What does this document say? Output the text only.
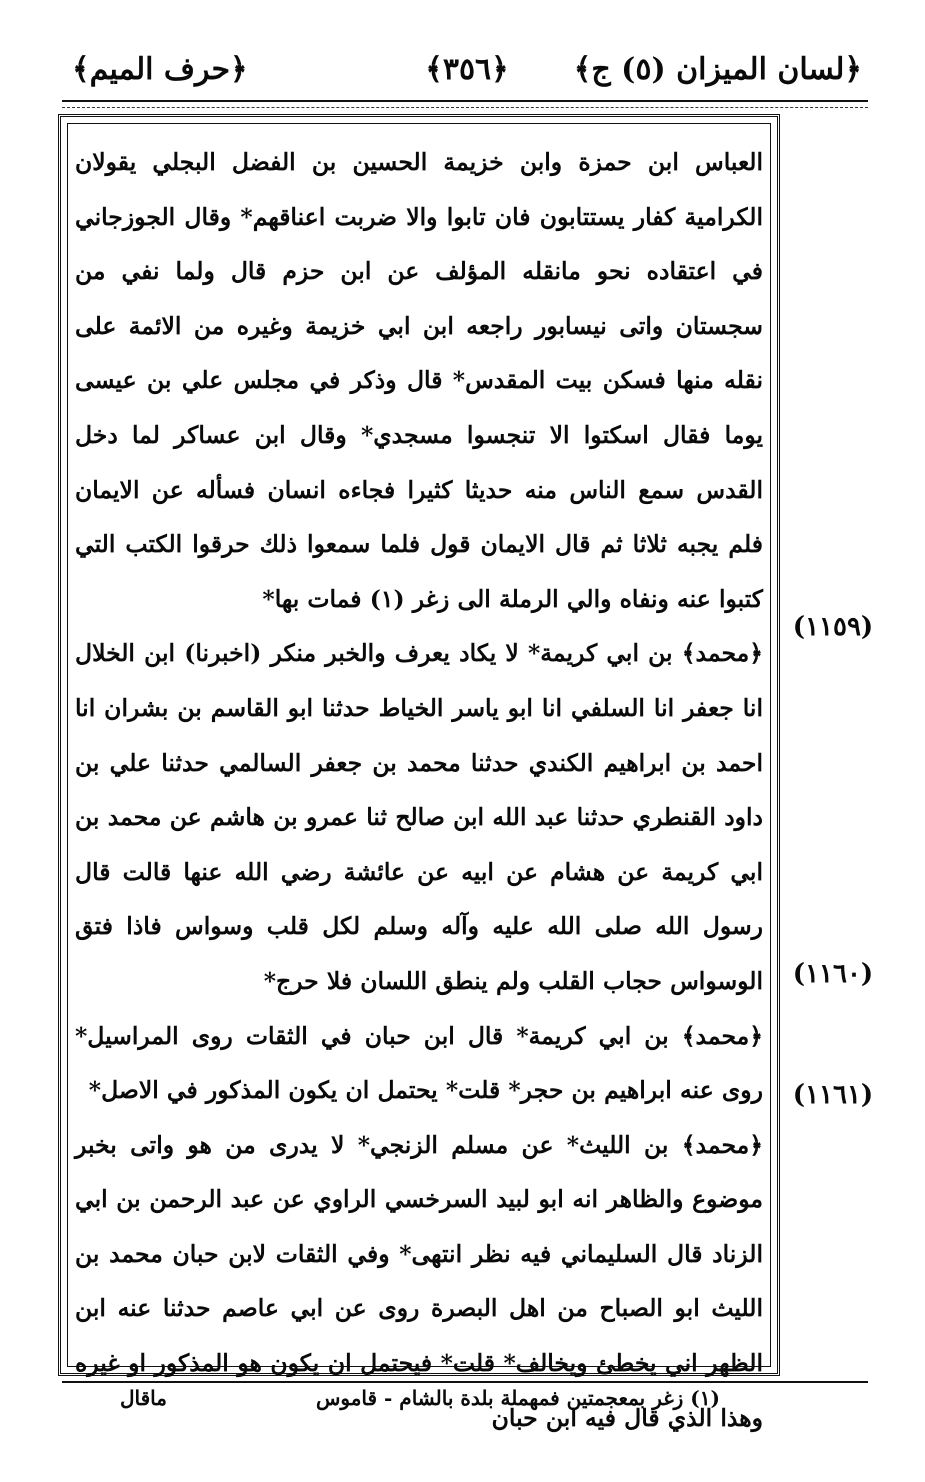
﴿لسان الميزان (٥) ج﴾
﴿٣٥٦﴾
﴿حرف الميم﴾

العباس ابن حمزة وابن خزيمة الحسين بن الفضل البجلي يقولان الكرامية كفار يستتابون فان تابوا والا ضربت اعناقهم* وقال الجوزجاني في اعتقاده نحو مانقله المؤلف عن ابن حزم قال ولما نفي من سجستان واتى نيسابور راجعه ابن ابي خزيمة وغيره من الائمة على نقله منها فسكن بيت المقدس* قال وذكر في مجلس علي بن عيسى يوما فقال اسكتوا الا تنجسوا مسجدي* وقال ابن عساكر لما دخل القدس سمع الناس منه حديثا كثيرا فجاءه انسان فسأله عن الايمان فلم يجبه ثلاثا ثم قال الايمان قول فلما سمعوا ذلك حرقوا الكتب التي كتبوا عنه ونفاه والي الرملة الى زغر (١) فمات بها*

﴿محمد﴾ بن ابي كريمة* لا يكاد يعرف والخبر منكر (اخبرنا) ابن الخلال انا جعفر انا السلفي انا ابو ياسر الخياط حدثنا ابو القاسم بن بشران انا احمد بن ابراهيم الكندي حدثنا محمد بن جعفر السالمي حدثنا علي بن داود القنطري حدثنا عبد الله ابن صالح ثنا عمرو بن هاشم عن محمد بن ابي كريمة عن هشام عن ابيه عن عائشة رضي الله عنها قالت قال رسول الله صلى الله عليه وآله وسلم لكل قلب وسواس فاذا فتق الوسواس حجاب القلب ولم ينطق اللسان فلا حرج*

﴿محمد﴾ بن ابي كريمة* قال ابن حبان في الثقات روى المراسيل* روى عنه ابراهيم بن حجر* قلت* يحتمل ان يكون المذكور في الاصل*

﴿محمد﴾ بن الليث* عن مسلم الزنجي* لا يدرى من هو واتى بخبر موضوع والظاهر انه ابو لبيد السرخسي الراوي عن عبد الرحمن بن ابي الزناد قال السليماني فيه نظر انتهى* وفي الثقات لابن حبان محمد بن الليث ابو الصباح من اهل البصرة روى عن ابي عاصم حدثنا عنه ابن الظهر اني يخطئ ويخالف* قلت* فيحتمل ان يكون هو المذكور او غيره وهذا الذي قال فيه ابن حبان

(١١٥٩)
(١١٦٠)
(١١٦١)
(١) زغر بمعجمتين فمهملة بلدة بالشام - قاموس
ماقال
